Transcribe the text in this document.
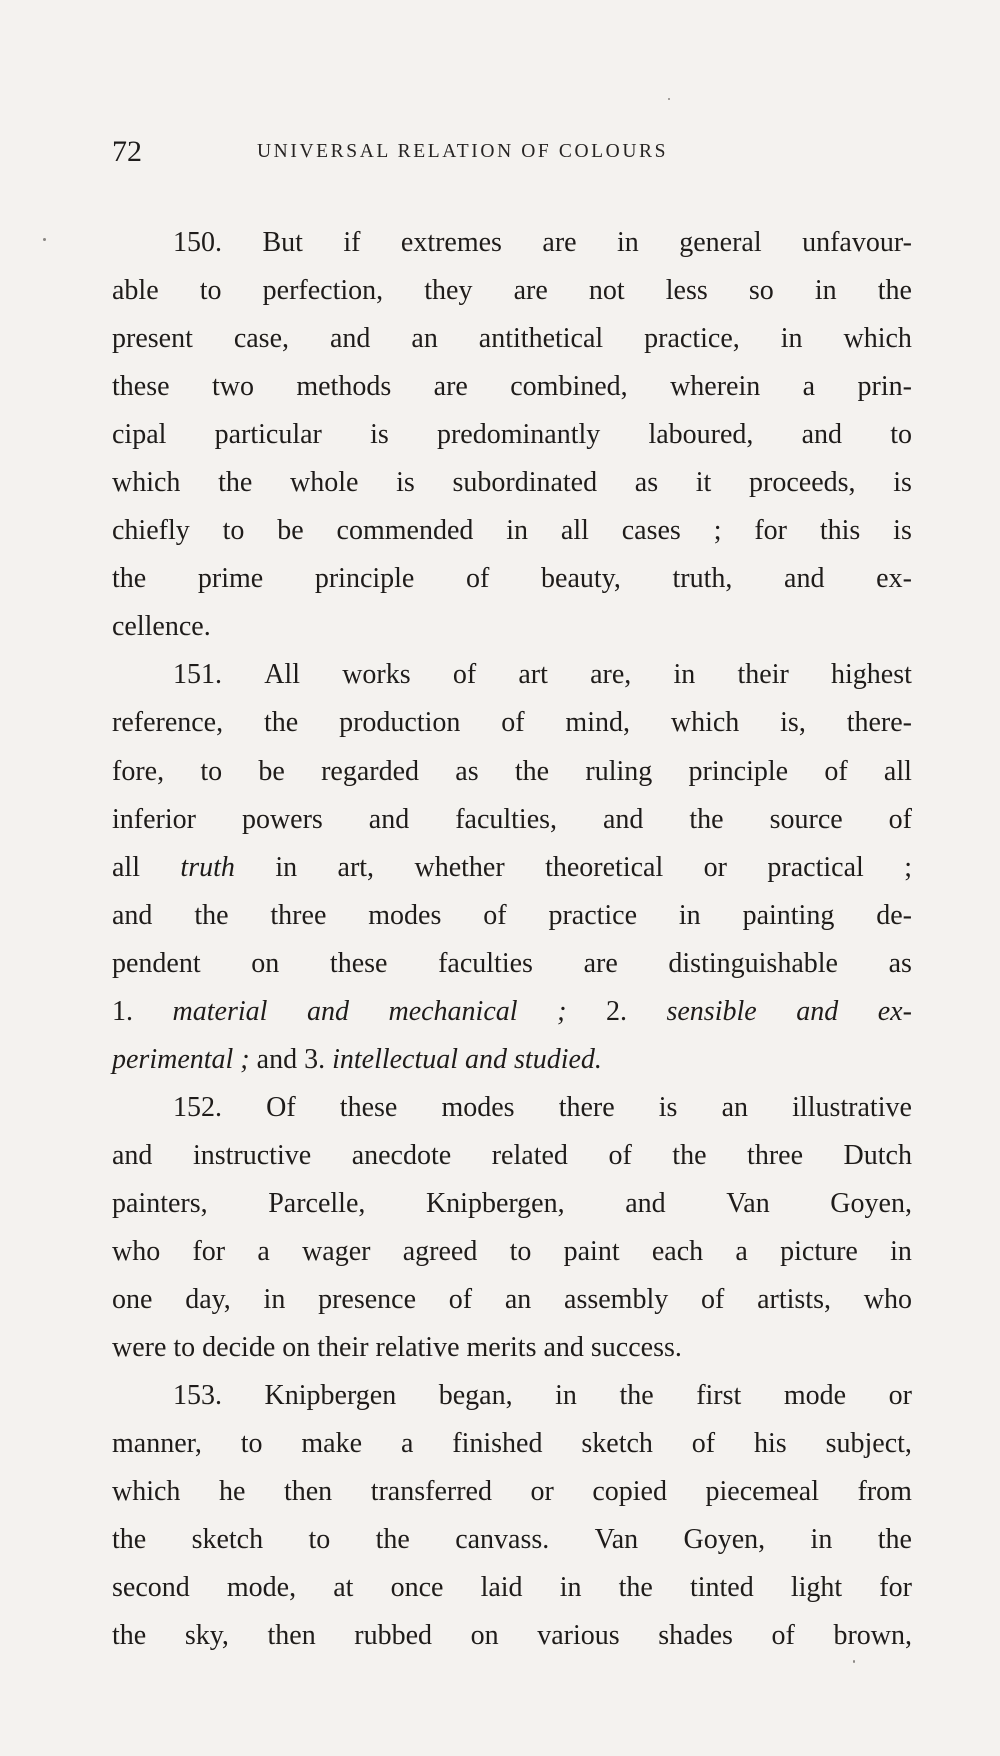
72	UNIVERSAL RELATION OF COLOURS
150. But if extremes are in general unfavour-
able to perfection, they are not less so in the
present case, and an antithetical practice, in which
these two methods are combined, wherein a prin-
cipal particular is predominantly laboured, and to
which the whole is subordinated as it proceeds, is
chiefly to be commended in all cases ; for this is
the prime principle of beauty, truth, and ex-
cellence.
151. All works of art are, in their highest
reference, the production of mind, which is, there-
fore, to be regarded as the ruling principle of all
inferior powers and faculties, and the source of
all truth in art, whether theoretical or practical ;
and the three modes of practice in painting de-
pendent on these faculties are distinguishable as
1. material and mechanical ; 2. sensible and ex-
perimental ; and 3. intellectual and studied.
152. Of these modes there is an illustrative
and instructive anecdote related of the three Dutch
painters, Parcelle, Knipbergen, and Van Goyen,
who for a wager agreed to paint each a picture in
one day, in presence of an assembly of artists, who
were to decide on their relative merits and success.
153. Knipbergen began, in the first mode or
manner, to make a finished sketch of his subject,
which he then transferred or copied piecemeal from
the sketch to the canvass. Van Goyen, in the
second mode, at once laid in the tinted light for
the sky, then rubbed on various shades of brown,
